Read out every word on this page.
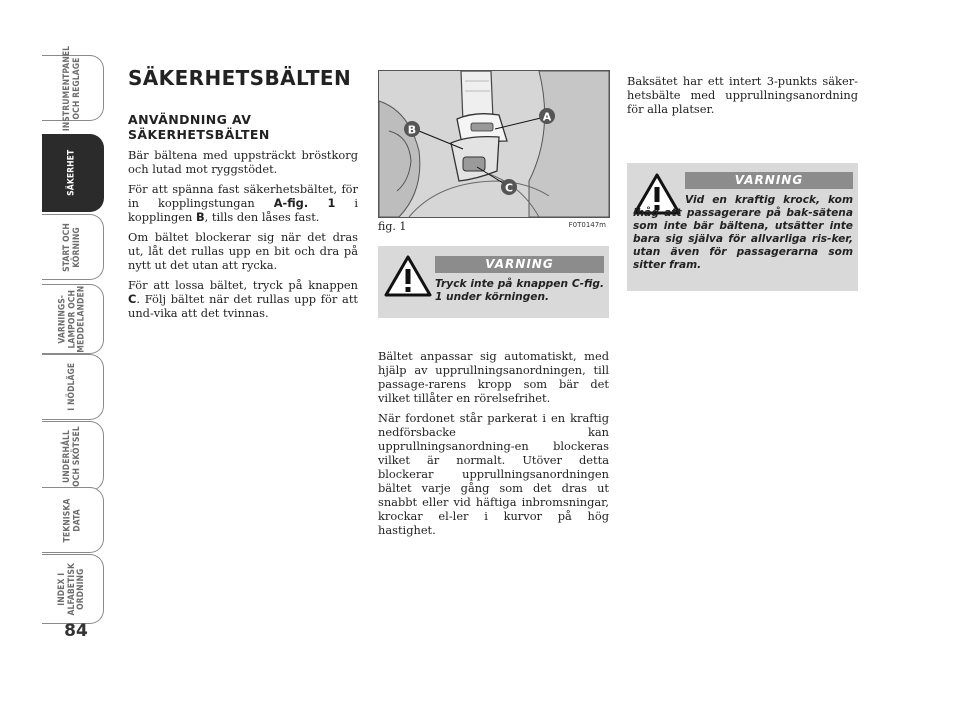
INSTRUMENTPANEL
OCH REGLAGE
SÄKERHET
START OCH
KÖRNING
VARNINGS-
LAMPOR OCH
MEDDELANDEN
I NÖDLÄGE
UNDERHÅLL
OCH SKÖTSEL
TEKNISKA
DATA
INDEX I
ALFABETISK
ORDNING
84
SÄKERHETSBÄLTEN
ANVÄNDNING AV
SÄKERHETSBÄLTEN

Bär bältena med uppsträckt bröstkorg och lutad mot ryggstödet.

För att spänna fast säkerhetsbältet, för in kopplingstungan A-fig. 1 i kopplingen B, tills den låses fast.

Om bältet blockerar sig när det dras ut, låt det rullas upp en bit och dra på nytt ut det utan att rycka.

För att lossa bältet, tryck på knappen C. Följ bältet när det rullas upp för att und-vika att det tvinnas.

B
A
C
fig. 1	F0T0147m
VARNING
Tryck inte på knappen C-fig. 1 under körningen.

Bältet anpassar sig automatiskt, med hjälp av upprullningsanordningen, till passage-rarens kropp som bär det vilket tillåter en rörelsefrihet.

När fordonet står parkerat i en kraftig nedförsbacke kan upprullningsanordning-en blockeras vilket är normalt. Utöver detta blockerar upprullningsanordningen bältet varje gång som det dras ut snabbt eller vid häftiga inbromsningar, krockar el-ler i kurvor på hög hastighet.

Baksätet har ett intert 3-punkts säker-hetsbälte med upprullningsanordning för alla platser.

VARNING
Vid en kraftig krock, kom ihåg att passagerare på bak-sätena som inte bär bältena, utsätter inte bara sig själva för allvarliga ris-ker, utan även för passagerarna som sitter fram.
